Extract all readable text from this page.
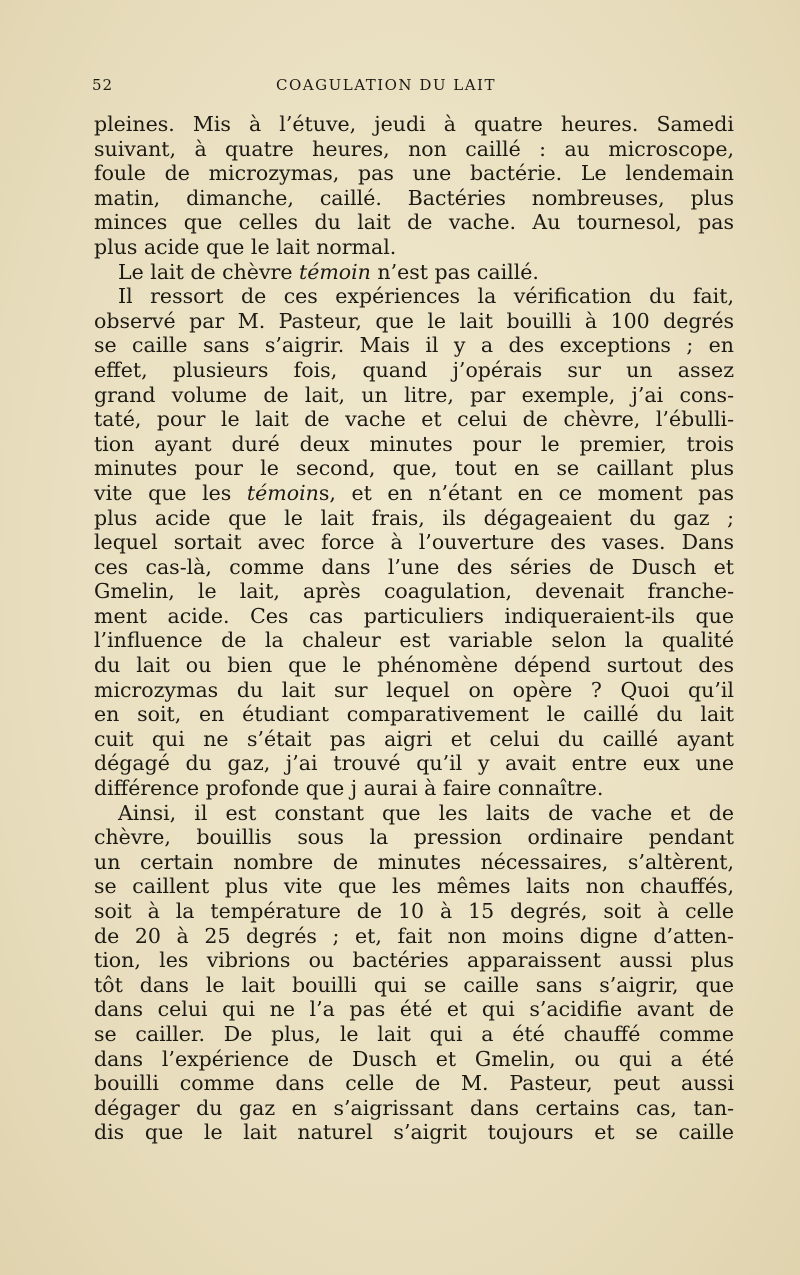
52	COAGULATION DU LAIT
pleines. Mis à l’étuve, jeudi à quatre heures. Samedi
suivant, à quatre heures, non caillé : au microscope,
foule de microzymas, pas une bactérie. Le lendemain
matin, dimanche, caillé. Bactéries nombreuses, plus
minces que celles du lait de vache. Au tournesol, pas
plus acide que le lait normal.
Le lait de chèvre témoin n’est pas caillé.
Il ressort de ces expériences la vérification du fait,
observé par M. Pasteur, que le lait bouilli à 100 degrés
se caille sans s’aigrir. Mais il y a des exceptions ; en
effet, plusieurs fois, quand j’opérais sur un assez
grand volume de lait, un litre, par exemple, j’ai cons-
taté, pour le lait de vache et celui de chèvre, l’ébulli-
tion ayant duré deux minutes pour le premier, trois
minutes pour le second, que, tout en se caillant plus
vite que les témoins, et en n’étant en ce moment pas
plus acide que le lait frais, ils dégageaient du gaz ;
lequel sortait avec force à l’ouverture des vases. Dans
ces cas-là, comme dans l’une des séries de Dusch et
Gmelin, le lait, après coagulation, devenait franche-
ment acide. Ces cas particuliers indiqueraient-ils que
l’influence de la chaleur est variable selon la qualité
du lait ou bien que le phénomène dépend surtout des
microzymas du lait sur lequel on opère ? Quoi qu’il
en soit, en étudiant comparativement le caillé du lait
cuit qui ne s’était pas aigri et celui du caillé ayant
dégagé du gaz, j’ai trouvé qu’il y avait entre eux une
différence profonde que j aurai à faire connaître.
Ainsi, il est constant que les laits de vache et de
chèvre, bouillis sous la pression ordinaire pendant
un certain nombre de minutes nécessaires, s’altèrent,
se caillent plus vite que les mêmes laits non chauffés,
soit à la température de 10 à 15 degrés, soit à celle
de 20 à 25 degrés ; et, fait non moins digne d’atten-
tion, les vibrions ou bactéries apparaissent aussi plus
tôt dans le lait bouilli qui se caille sans s’aigrir, que
dans celui qui ne l’a pas été et qui s’acidifie avant de
se cailler. De plus, le lait qui a été chauffé comme
dans l’expérience de Dusch et Gmelin, ou qui a été
bouilli comme dans celle de M. Pasteur, peut aussi
dégager du gaz en s’aigrissant dans certains cas, tan-
dis que le lait naturel s’aigrit toujours et se caille
